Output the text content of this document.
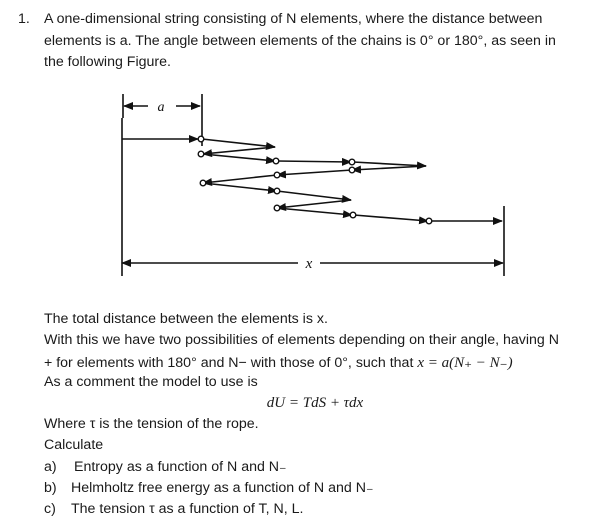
1. A one-dimensional string consisting of N elements, where the distance between
elements is a. The angle between elements of the chains is 0° or 180°, as seen in
the following Figure.
a
x
The total distance between the elements is x.
With this we have two possibilities of elements depending on their angle, having N
+ for elements with 180° and N− with those of 0°, such that x = a(N₊ − N₋)
As a comment the model to use is
dU = TdS + τdx
Where τ is the tension of the rope.
Calculate
a) Entropy as a function of N and N₋
b) Helmholtz free energy as a function of N and N₋
c) The tension τ as a function of T, N, L.
